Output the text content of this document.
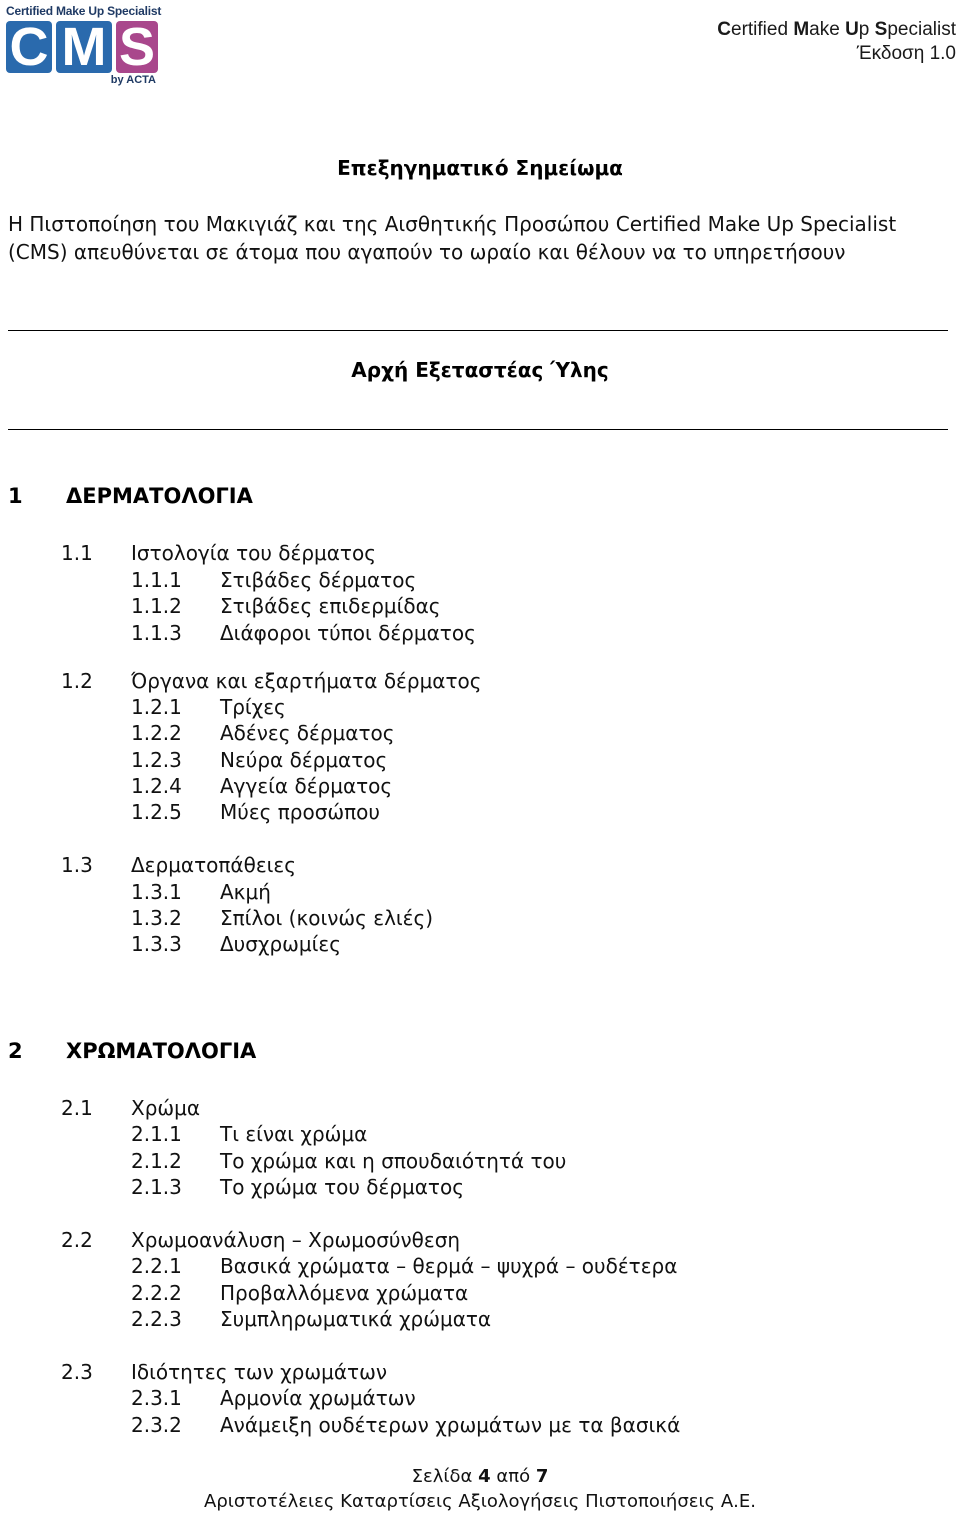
Certified Make Up Specialist
C M S
by ACTA
Certified Make Up Specialist
Έκδοση 1.0
Επεξηγηματικό Σημείωμα
Η Πιστοποίηση του Μακιγιάζ και της Αισθητικής Προσώπου Certified Make Up Specialist
(CMS) απευθύνεται σε άτομα που αγαπούν το ωραίο και θέλουν να το υπηρετήσουν
Αρχή Εξεταστέας Ύλης
1 ΔΕΡΜΑΤΟΛΟΓΙΑ
1.1 Ιστολογία του δέρματος
1.1.1 Στιβάδες δέρματος
1.1.2 Στιβάδες επιδερμίδας
1.1.3 Διάφοροι τύποι δέρματος
1.2 Όργανα και εξαρτήματα δέρματος
1.2.1 Τρίχες
1.2.2 Αδένες δέρματος
1.2.3 Νεύρα δέρματος
1.2.4 Αγγεία δέρματος
1.2.5 Μύες προσώπου
1.3 Δερματοπάθειες
1.3.1 Ακμή
1.3.2 Σπίλοι (κοινώς ελιές)
1.3.3 Δυσχρωμίες
2 ΧΡΩΜΑΤΟΛΟΓΙΑ
2.1 Χρώμα
2.1.1 Τι είναι χρώμα
2.1.2 Το χρώμα και η σπουδαιότητά του
2.1.3 Το χρώμα του δέρματος
2.2 Χρωμοανάλυση – Χρωμοσύνθεση
2.2.1 Βασικά χρώματα – θερμά – ψυχρά – ουδέτερα
2.2.2 Προβαλλόμενα χρώματα
2.2.3 Συμπληρωματικά χρώματα
2.3 Ιδιότητες των χρωμάτων
2.3.1 Αρμονία χρωμάτων
2.3.2 Ανάμειξη ουδέτερων χρωμάτων με τα βασικά
Σελίδα 4 από 7
Αριστοτέλειες Καταρτίσεις Αξιολογήσεις Πιστοποιήσεις Α.Ε.
